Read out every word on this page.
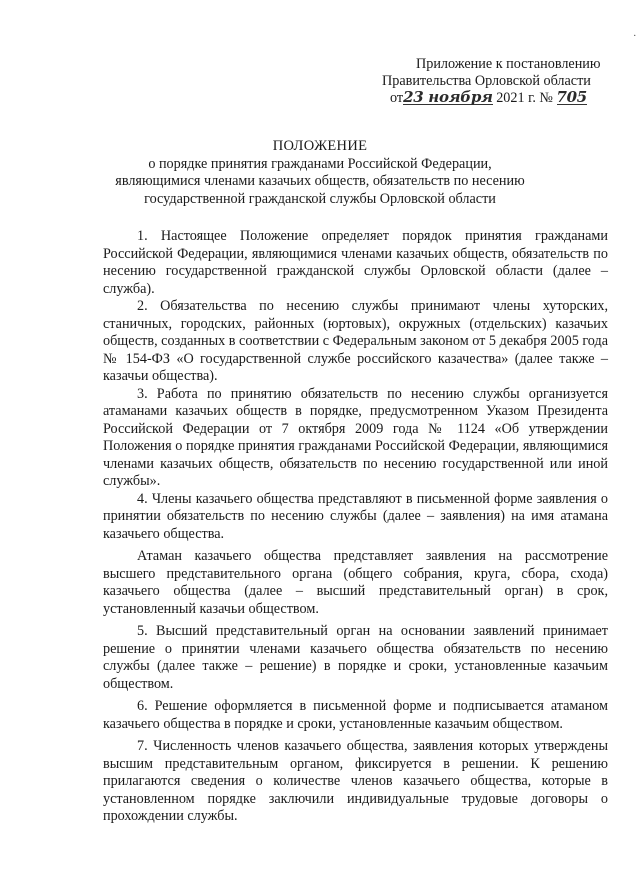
.
Приложение к постановлению
Правительства Орловской области
от23 ноября 2021 г. № 705
ПОЛОЖЕНИЕ
о порядке принятия гражданами Российской Федерации,
являющимися членами казачьих обществ, обязательств по несению
государственной гражданской службы Орловской области

1. Настоящее Положение определяет порядок принятия гражданами Российской Федерации, являющимися членами казачьих обществ, обязательств по несению государственной гражданской службы Орловской области (далее – служба).

2. Обязательства по несению службы принимают члены хуторских, станичных, городских, районных (юртовых), окружных (отдельских) казачьих обществ, созданных в соответствии с Федеральным законом от 5 декабря 2005 года № 154-ФЗ «О государственной службе российского казачества» (далее также – казачьи общества).

3. Работа по принятию обязательств по несению службы организуется атаманами казачьих обществ в порядке, предусмотренном Указом Президента Российской Федерации от 7 октября 2009 года № 1124 «Об утверждении Положения о порядке принятия гражданами Российской Федерации, являющимися членами казачьих обществ, обязательств по несению государственной или иной службы».

4. Члены казачьего общества представляют в письменной форме заявления о принятии обязательств по несению службы (далее – заявления) на имя атамана казачьего общества.

Атаман казачьего общества представляет заявления на рассмотрение высшего представительного органа (общего собрания, круга, сбора, схода) казачьего общества (далее – высший представительный орган) в срок, установленный казачьи обществом.

5. Высший представительный орган на основании заявлений принимает решение о принятии членами казачьего общества обязательств по несению службы (далее также – решение) в порядке и сроки, установленные казачьим обществом.

6. Решение оформляется в письменной форме и подписывается атаманом казачьего общества в порядке и сроки, установленные казачьим обществом.

7. Численность членов казачьего общества, заявления которых утверждены высшим представительным органом, фиксируется в решении. К решению прилагаются сведения о количестве членов казачьего общества, которые в установленном порядке заключили индивидуальные трудовые договоры о прохождении службы.
